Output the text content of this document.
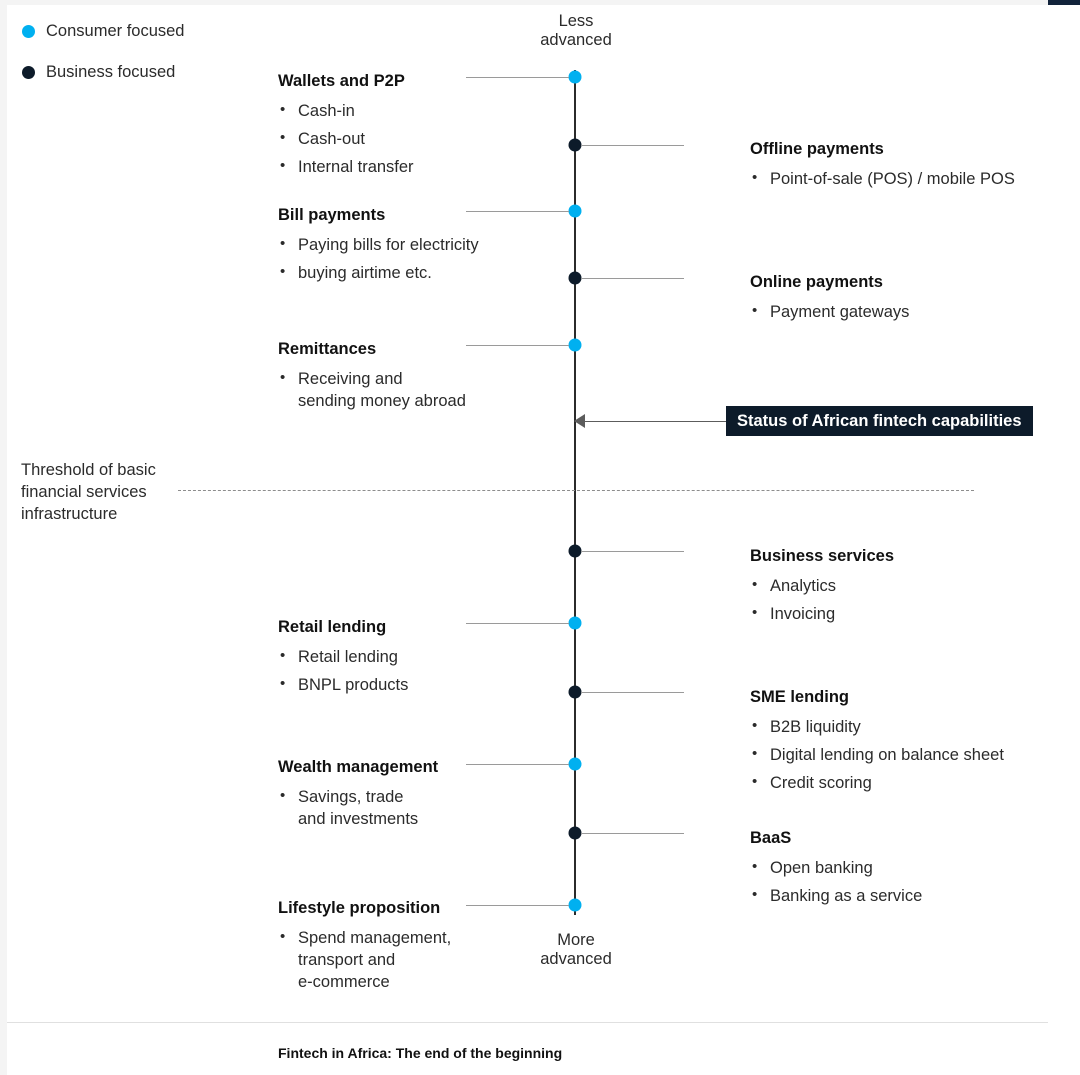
Consumer focused
Business focused
Less
advanced
More
advanced
Threshold of basic
financial services
infrastructure
Wallets and P2P
• Cash-in
• Cash-out
• Internal transfer
Bill payments
• Paying bills for electricity
• buying airtime etc.
Remittances
• Receiving and
sending money abroad
Retail lending
• Retail lending
• BNPL products
Wealth management
• Savings, trade
and investments
Lifestyle proposition
• Spend management,
transport and
e-commerce
Offline payments
• Point-of-sale (POS) / mobile POS
Online payments
• Payment gateways
Business services
• Analytics
• Invoicing
SME lending
• B2B liquidity
• Digital lending on balance sheet
• Credit scoring
BaaS
• Open banking
• Banking as a service
Status of African fintech capabilities
Fintech in Africa: The end of the beginning
